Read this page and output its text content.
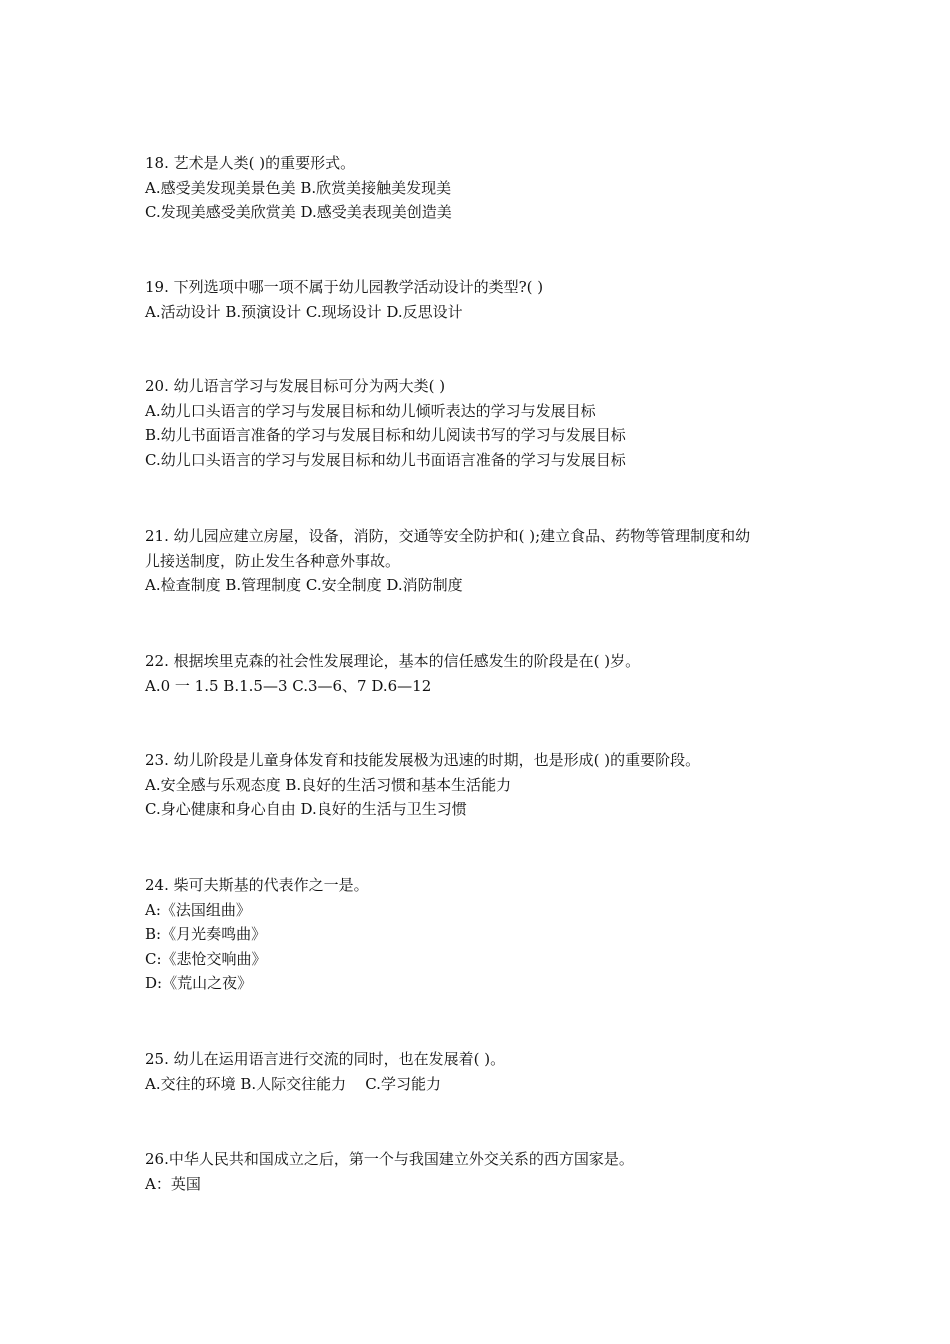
18. 艺术是人类( )的重要形式。
A.感受美发现美景色美 B.欣赏美接触美发现美
C.发现美感受美欣赏美 D.感受美表现美创造美
19. 下列选项中哪一项不属于幼儿园教学活动设计的类型?( )
A.活动设计 B.预演设计 C.现场设计 D.反思设计
20. 幼儿语言学习与发展目标可分为两大类( )
A.幼儿口头语言的学习与发展目标和幼儿倾听表达的学习与发展目标
B.幼儿书面语言准备的学习与发展目标和幼儿阅读书写的学习与发展目标
C.幼儿口头语言的学习与发展目标和幼儿书面语言准备的学习与发展目标
21. 幼儿园应建立房屋，设备，消防，交通等安全防护和( );建立食品、药物等管理制度和幼
儿接送制度，防止发生各种意外事故。
A.检查制度 B.管理制度 C.安全制度 D.消防制度
22. 根据埃里克森的社会性发展理论，基本的信任感发生的阶段是在( )岁。
A.0 一 1.5 B.1.5—3 C.3—6、7 D.6—12
23. 幼儿阶段是儿童身体发育和技能发展极为迅速的时期，也是形成( )的重要阶段。
A.安全感与乐观态度 B.良好的生活习惯和基本生活能力
C.身心健康和身心自由 D.良好的生活与卫生习惯
24. 柴可夫斯基的代表作之一是。
A:《法国组曲》
B:《月光奏鸣曲》
C:《悲怆交响曲》
D:《荒山之夜》
25. 幼儿在运用语言进行交流的同时，也在发展着( )。
A.交往的环境 B.人际交往能力    C.学习能力
26.中华人民共和国成立之后，第一个与我国建立外交关系的西方国家是。
A：英国
